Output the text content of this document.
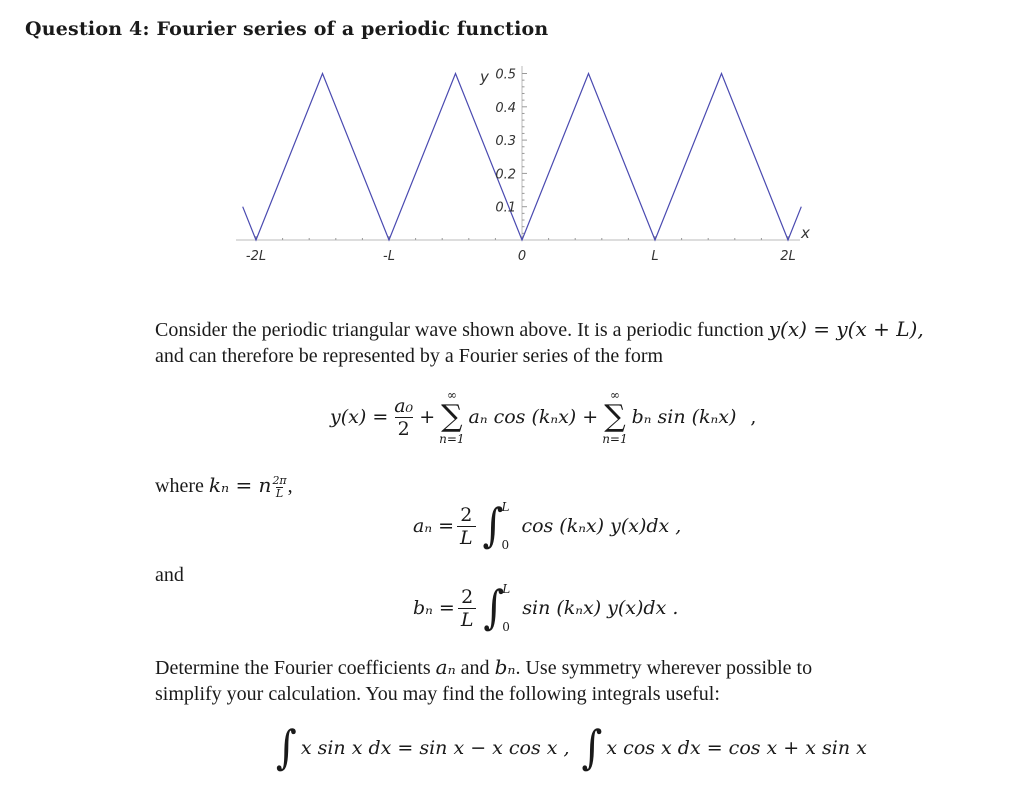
Question 4: Fourier series of a periodic function
0.5
0.4
0.3
0.2
0.1
-2L	-L	0	L	2L
y
x
Consider the periodic triangular wave shown above. It is a periodic function y(x) = y(x + L),
and can therefore be represented by a Fourier series of the form
$y(x) = \frac{\text{a₀}}{2}$ +
∞
∑
n=1
aₙ cos (kₙx) +
∞
∑
n=1
bₙ sin (kₙx) ,
where kₙ = n $\frac{2\pi}{L}$ ,
$a_n = \frac{2}{L}$ ∫
L
0
cos (kₙx) y(x)dx ,
and
$b_n = \frac{2}{L}$ ∫
L
0
sin (kₙx) y(x)dx .
Determine the Fourier coefficients aₙ and bₙ. Use symmetry wherever possible to
simplify your calculation. You may find the following integrals useful:
∫ x sin x dx = sin x − x cos x , ∫ x cos x dx = cos x + x sin x
